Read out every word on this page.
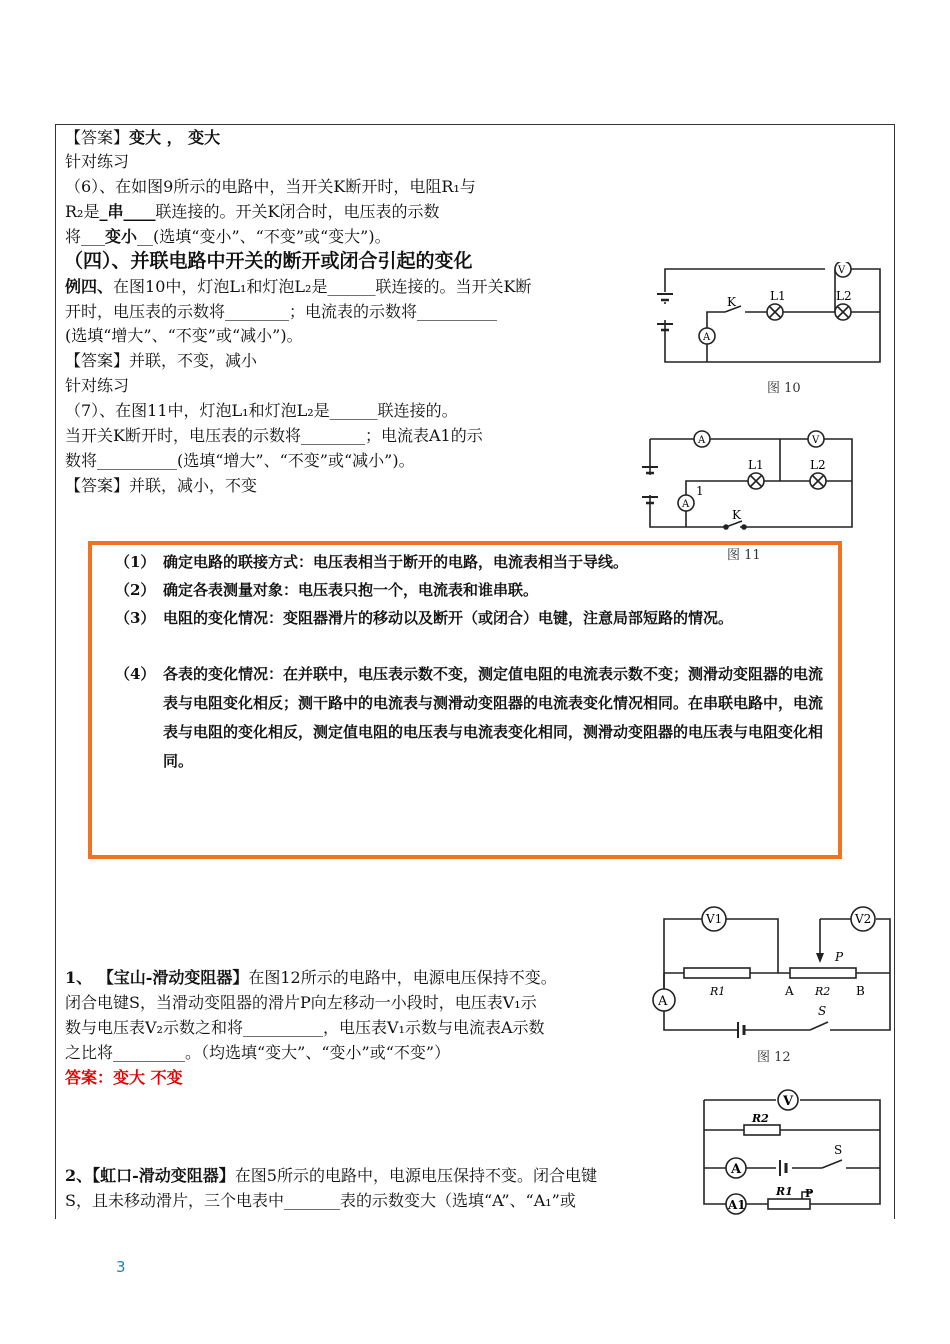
【答案】变大 ， 变大
针对练习
（6）、在如图9所示的电路中，当开关K断开时，电阻R₁与
R₂是_串____联连接的。开关K闭合时，电压表的示数
将___变小__(选填“变小”、“不变”或“变大”)。
（四）、并联电路中开关的断开或闭合引起的变化
例四、在图10中，灯泡L₁和灯泡L₂是______联连接的。当开关K断
开时，电压表的示数将________；电流表的示数将__________
(选填“增大”、“不变”或“减小”)。
【答案】并联，不变，减小
针对练习
（7）、在图11中，灯泡L₁和灯泡L₂是______联连接的。
当开关K断开时，电压表的示数将________；电流表A1的示
数将__________(选填“增大”、“不变”或“减小”)。
【答案】并联，减小，不变
V
A
K	L1	L2
图 10
A	V
A
1
K
L1	L2
图 11
（1） 确定电路的联接方式：电压表相当于断开的电路，电流表相当于导线。
（2） 确定各表测量对象：电压表只抱一个，电流表和谁串联。
（3） 电阻的变化情况：变阻器滑片的移动以及断开（或闭合）电键，注意局部短路的情况。
（4） 各表的变化情况：在并联中，电压表示数不变，测定值电阻的电流表示数不变；测滑动变阻器的电流表与电阻变化相反；测干路中的电流表与测滑动变阻器的电流表变化情况相同。在串联电路中，电流表与电阻的变化相反，测定值电阻的电压表与电流表变化相同，测滑动变阻器的电压表与电阻变化相同。
1、 【宝山-滑动变阻器】在图12所示的电路中，电源电压保持不变。
闭合电键S，当滑动变阻器的滑片P向左移动一小段时，电压表V₁示
数与电压表V₂示数之和将__________，电压表V₁示数与电流表A示数
之比将_________。（均选填“变大”、“变小”或“不变”）
答案：变大 不变
V1	V2
A
R1	R2
A	B
P
S
图 12
2、【虹口-滑动变阻器】在图5所示的电路中，电源电压保持不变。闭合电键
S，且未移动滑片，三个电表中_______表的示数变大（选填“A”、“A₁”或
V
R2
A
S
A1
R1 P
3
